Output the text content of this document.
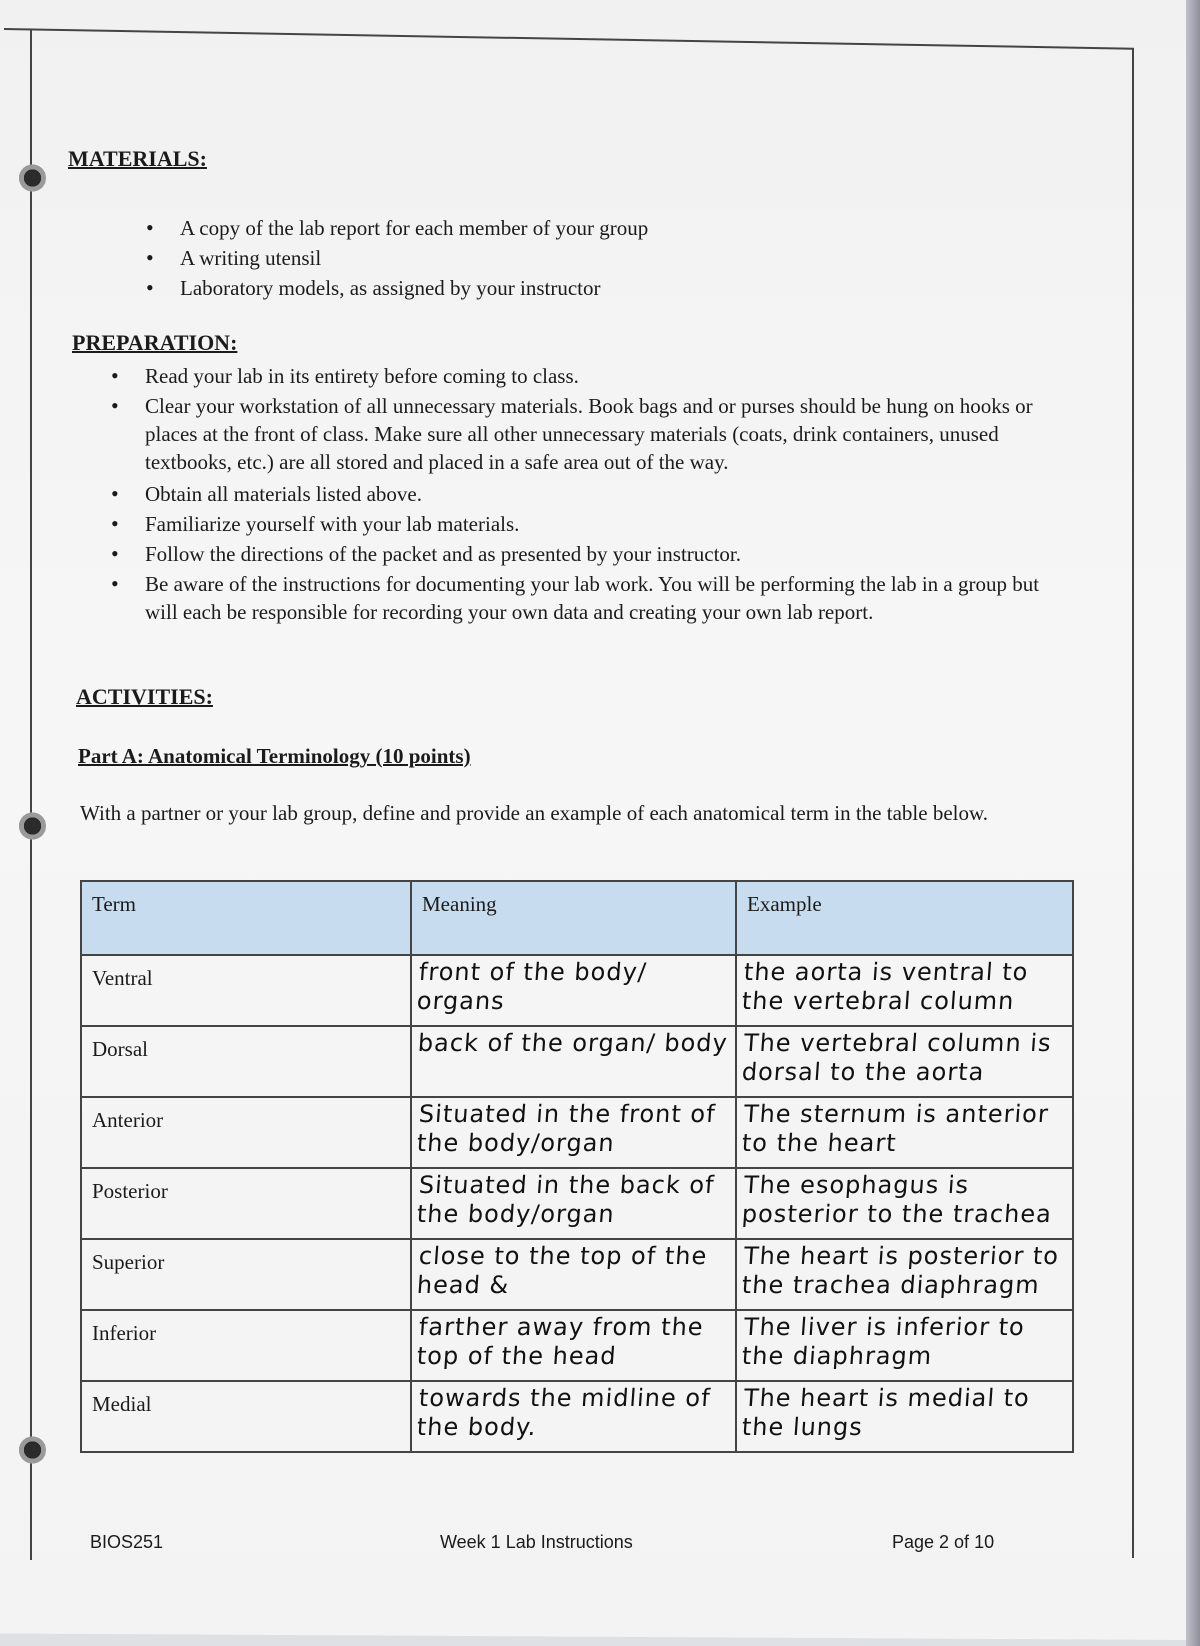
MATERIALS:
• A copy of the lab report for each member of your group
• A writing utensil
• Laboratory models, as assigned by your instructor
PREPARATION:
• Read your lab in its entirety before coming to class.
• Clear your workstation of all unnecessary materials. Book bags and or purses should be hung on hooks or places at the front of class. Make sure all other unnecessary materials (coats, drink containers, unused textbooks, etc.) are all stored and placed in a safe area out of the way.
• Obtain all materials listed above.
• Familiarize yourself with your lab materials.
• Follow the directions of the packet and as presented by your instructor.
• Be aware of the instructions for documenting your lab work. You will be performing the lab in a group but will each be responsible for recording your own data and creating your own lab report.
ACTIVITIES:
Part A: Anatomical Terminology (10 points)
With a partner or your lab group, define and provide an example of each anatomical term in the table below.
Term	Meaning	Example

Ventral	front of the body/ organs	the aorta is ventral to the vertebral column

Dorsal	back of the organ/ body	The vertebral column is dorsal to the aorta

Anterior	Situated in the front of the body/organ	The sternum is anterior to the heart

Posterior	Situated in the back of the body/organ	The esophagus is posterior to the trachea

Superior	close to the top of the head &	The heart is posterior to the trachea diaphragm

Inferior	farther away from the top of the head	The liver is inferior to the diaphragm

Medial	towards the midline of the body.	The heart is medial to the lungs
BIOS251	Week 1 Lab Instructions	Page 2 of 10
